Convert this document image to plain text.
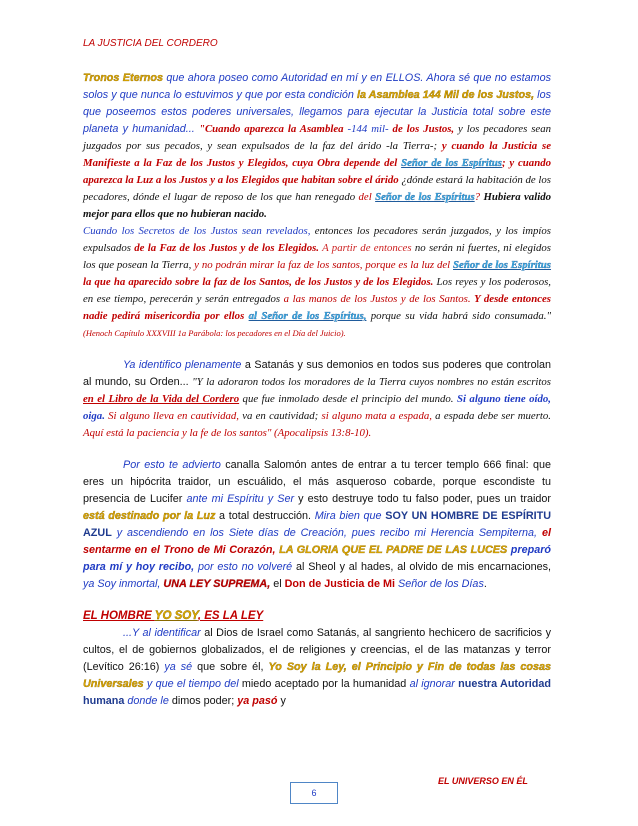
LA JUSTICIA DEL CORDERO

Tronos Eternos que ahora poseo como Autoridad en mí y en ELLOS. Ahora sé que no estamos solos y que nunca lo estuvimos y que por esta condición la Asamblea 144 Mil de los Justos, los que poseemos estos poderes universales, llegamos para ejecutar la Justicia total sobre este planeta y humanidad... "Cuando aparezca la Asamblea -144 mil- de los Justos, y los pecadores sean juzgados por sus pecados, y sean expulsados de la faz del árido -la Tierra-; y cuando la Justicia se Manifieste a la Faz de los Justos y Elegidos, cuya Obra depende del Señor de los Espíritus; y cuando aparezca la Luz a los Justos y a los Elegidos que habitan sobre el árido ¿dónde estará la habitación de los pecadores, dónde el lugar de reposo de los que han renegado del Señor de los Espíritus? Hubiera valido mejor para ellos que no hubieran nacido.
Cuando los Secretos de los Justos sean revelados, entonces los pecadores serán juzgados, y los impíos expulsados de la Faz de los Justos y de los Elegidos. A partir de entonces no serán ni fuertes, ni elegidos los que posean la Tierra, y no podrán mirar la faz de los santos, porque es la luz del Señor de los Espíritus la que ha aparecido sobre la faz de los Santos, de los Justos y de los Elegidos. Los reyes y los poderosos, en ese tiempo, perecerán y serán entregados a las manos de los Justos y de los Santos. Y desde entonces nadie pedirá misericordia por ellos al Señor de los Espíritus, porque su vida habrá sido consumada." (Henoch Capítulo XXXVIII 1a Parábola: los pecadores en el Día del Juicio).

Ya identifico plenamente a Satanás y sus demonios en todos sus poderes que controlan al mundo, su Orden... "Y la adoraron todos los moradores de la Tierra cuyos nombres no están escritos en el Libro de la Vida del Cordero que fue inmolado desde el principio del mundo. Si alguno tiene oído, oiga. Si alguno lleva en cautividad, va en cautividad; si alguno mata a espada, a espada debe ser muerto. Aquí está la paciencia y la fe de los santos" (Apocalipsis 13:8-10).

Por esto te advierto canalla Salomón antes de entrar a tu tercer templo 666 final: que eres un hipócrita traidor, un escuálido, el más asqueroso cobarde, porque escondiste tu presencia de Lucifer ante mi Espíritu y Ser y esto destruye todo tu falso poder, pues un traidor está destinado por la Luz a total destrucción. Mira bien que SOY UN HOMBRE DE ESPÍRITU AZUL y ascendiendo en los Siete días de Creación, pues recibo mi Herencia Sempiterna, el sentarme en el Trono de Mi Corazón, LA GLORIA QUE EL PADRE DE LAS LUCES preparó para mí y hoy recibo, por esto no volveré al Sheol y al hades, al olvido de mis encarnaciones, ya Soy inmortal, UNA LEY SUPREMA, el Don de Justicia de Mi Señor de los Días.

EL HOMBRE YO SOY, ES LA LEY

...Y al identificar al Dios de Israel como Satanás, al sangriento hechicero de sacrificios y cultos, el de gobiernos globalizados, el de religiones y creencias, el de las matanzas y terror (Levítico 26:16) ya sé que sobre él, Yo Soy la Ley, el Principio y Fin de todas las cosas Universales y que el tiempo del miedo aceptado por la humanidad al ignorar nuestra Autoridad humana donde le dimos poder; ya pasó y

EL UNIVERSO EN ÉL
6
